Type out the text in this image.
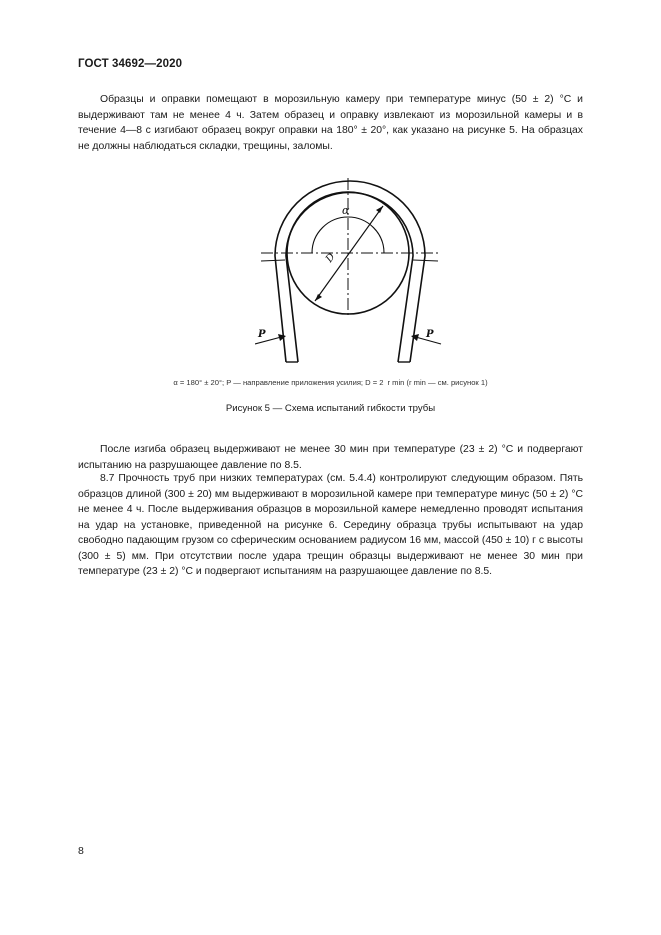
ГОСТ 34692—2020

Образцы и оправки помещают в морозильную камеру при температуре минус (50 ± 2) °С и выдерживают там не менее 4 ч. Затем образец и оправку извлекают из морозильной камеры и в течение 4—8 с изгибают образец вокруг оправки на 180° ± 20°, как указано на рисунке 5. На образцах не должны наблюдаться складки, трещины, заломы.

α
D
P	P
α = 180° ± 20°; P — направление приложения усилия; D = 2 r min (r min — см. рисунок 1)
Рисунок 5 — Схема испытаний гибкости трубы

После изгиба образец выдерживают не менее 30 мин при температуре (23 ± 2) °С и подвергают испытанию на разрушающее давление по 8.5.

8.7 Прочность труб при низких температурах (см. 5.4.4) контролируют следующим образом. Пять образцов длиной (300 ± 20) мм выдерживают в морозильной камере при температуре минус (50 ± 2) °С не менее 4 ч. После выдерживания образцов в морозильной камере немедленно проводят испытания на удар на установке, приведенной на рисунке 6. Середину образца трубы испытывают на удар свободно падающим грузом со сферическим основанием радиусом 16 мм, массой (450 ± 10) г с высоты (300 ± 5) мм. При отсутствии после удара трещин образцы выдерживают не менее 30 мин при температуре (23 ± 2) °С и подвергают испытаниям на разрушающее давление по 8.5.

8
